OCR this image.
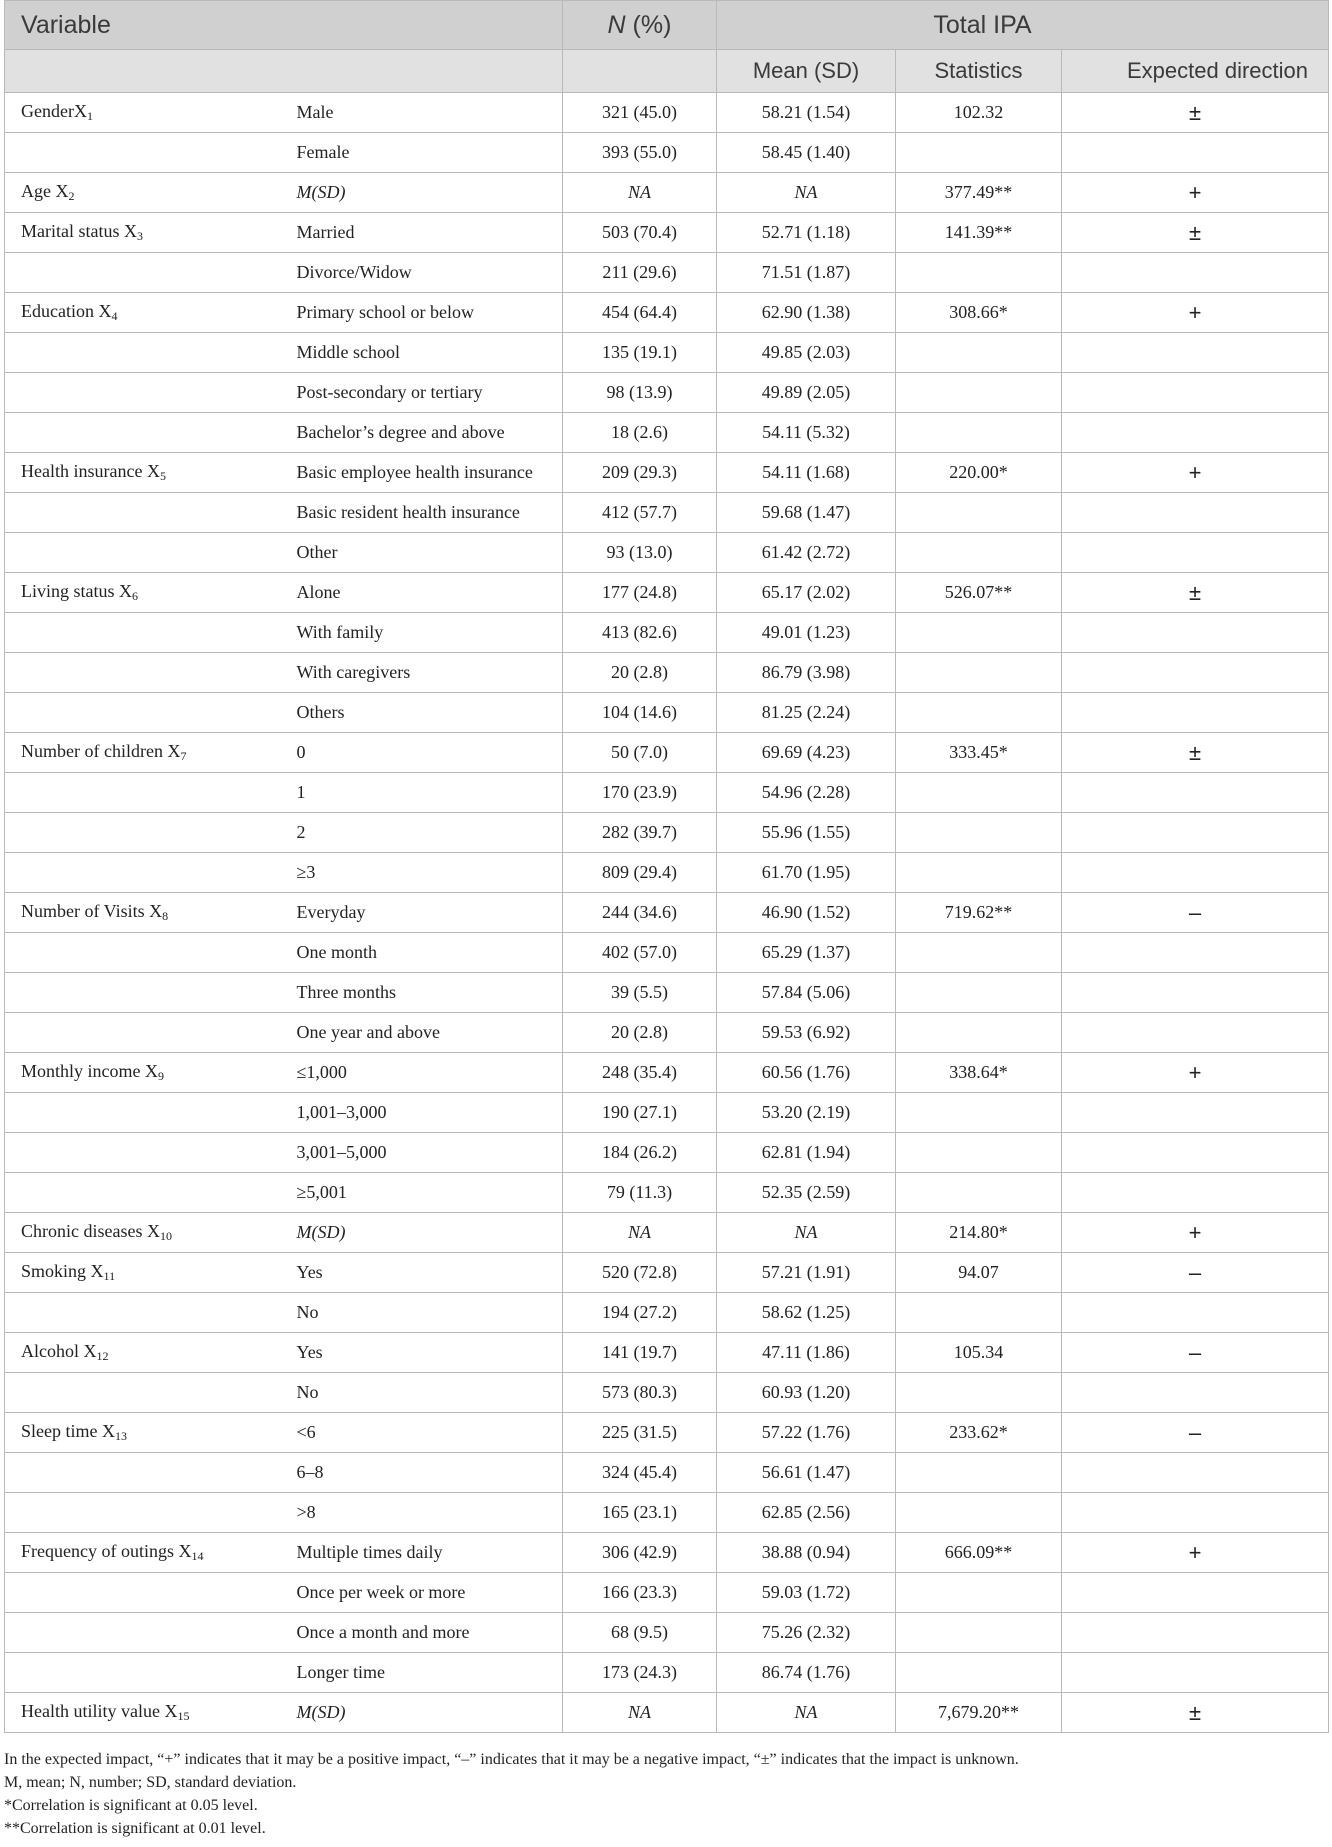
Variable		N (%)	Total IPA		
			Mean (SD)	Statistics	Expected direction
GenderX$_1$	Male	321 (45.0)	58.21 (1.54)	102.32	±
	Female	393 (55.0)	58.45 (1.40)		
Age $X_2$	M(SD)	NA	NA	377.49**	+
Marital status $X_3$	Married	503 (70.4)	52.71 (1.18)	141.39**	±
	Divorce/Widow	211 (29.6)	71.51 (1.87)		
Education $X_4$	Primary school or below	454 (64.4)	62.90 (1.38)	308.66*	+
	Middle school	135 (19.1)	49.85 (2.03)		
	Post-secondary or tertiary	98 (13.9)	49.89 (2.05)		
	Bachelor’s degree and above	18 (2.6)	54.11 (5.32)		
Health insurance $X_5$	Basic employee health insurance	209 (29.3)	54.11 (1.68)	220.00*	+
	Basic resident health insurance	412 (57.7)	59.68 (1.47)		
	Other	93 (13.0)	61.42 (2.72)		
Living status $X_6$	Alone	177 (24.8)	65.17 (2.02)	526.07**	±
	With family	413 (82.6)	49.01 (1.23)		
	With caregivers	20 (2.8)	86.79 (3.98)		
	Others	104 (14.6)	81.25 (2.24)		
Number of children $X_7$	0	50 (7.0)	69.69 (4.23)	333.45*	±
	1	170 (23.9)	54.96 (2.28)		
	2	282 (39.7)	55.96 (1.55)		
	≥3	809 (29.4)	61.70 (1.95)		
Number of Visits $X_8$	Everyday	244 (34.6)	46.90 (1.52)	719.62**	–
	One month	402 (57.0)	65.29 (1.37)		
	Three months	39 (5.5)	57.84 (5.06)		
	One year and above	20 (2.8)	59.53 (6.92)		
Monthly income $X_9$	≤1,000	248 (35.4)	60.56 (1.76)	338.64*	+
	1,001–3,000	190 (27.1)	53.20 (2.19)		
	3,001–5,000	184 (26.2)	62.81 (1.94)		
	≥5,001	79 (11.3)	52.35 (2.59)		
Chronic diseases $X_{10}$	M(SD)	NA	NA	214.80*	+
Smoking $X_{11}$	Yes	520 (72.8)	57.21 (1.91)	94.07	–
	No	194 (27.2)	58.62 (1.25)		
Alcohol $X_{12}$	Yes	141 (19.7)	47.11 (1.86)	105.34	–
	No	573 (80.3)	60.93 (1.20)		
Sleep time $X_{13}$	<6	225 (31.5)	57.22 (1.76)	233.62*	–
	6–8	324 (45.4)	56.61 (1.47)		
	>8	165 (23.1)	62.85 (2.56)		
Frequency of outings $X_{14}$	Multiple times daily	306 (42.9)	38.88 (0.94)	666.09**	+
	Once per week or more	166 (23.3)	59.03 (1.72)		
	Once a month and more	68 (9.5)	75.26 (2.32)		
	Longer time	173 (24.3)	86.74 (1.76)		
Health utility value $X_{15}$	M(SD)	NA	NA	7,679.20**	±
In the expected impact, “+” indicates that it may be a positive impact, “–” indicates that it may be a negative impact, “±” indicates that the impact is unknown.
M, mean; N, number; SD, standard deviation.
*Correlation is significant at 0.05 level.
**Correlation is significant at 0.01 level.
